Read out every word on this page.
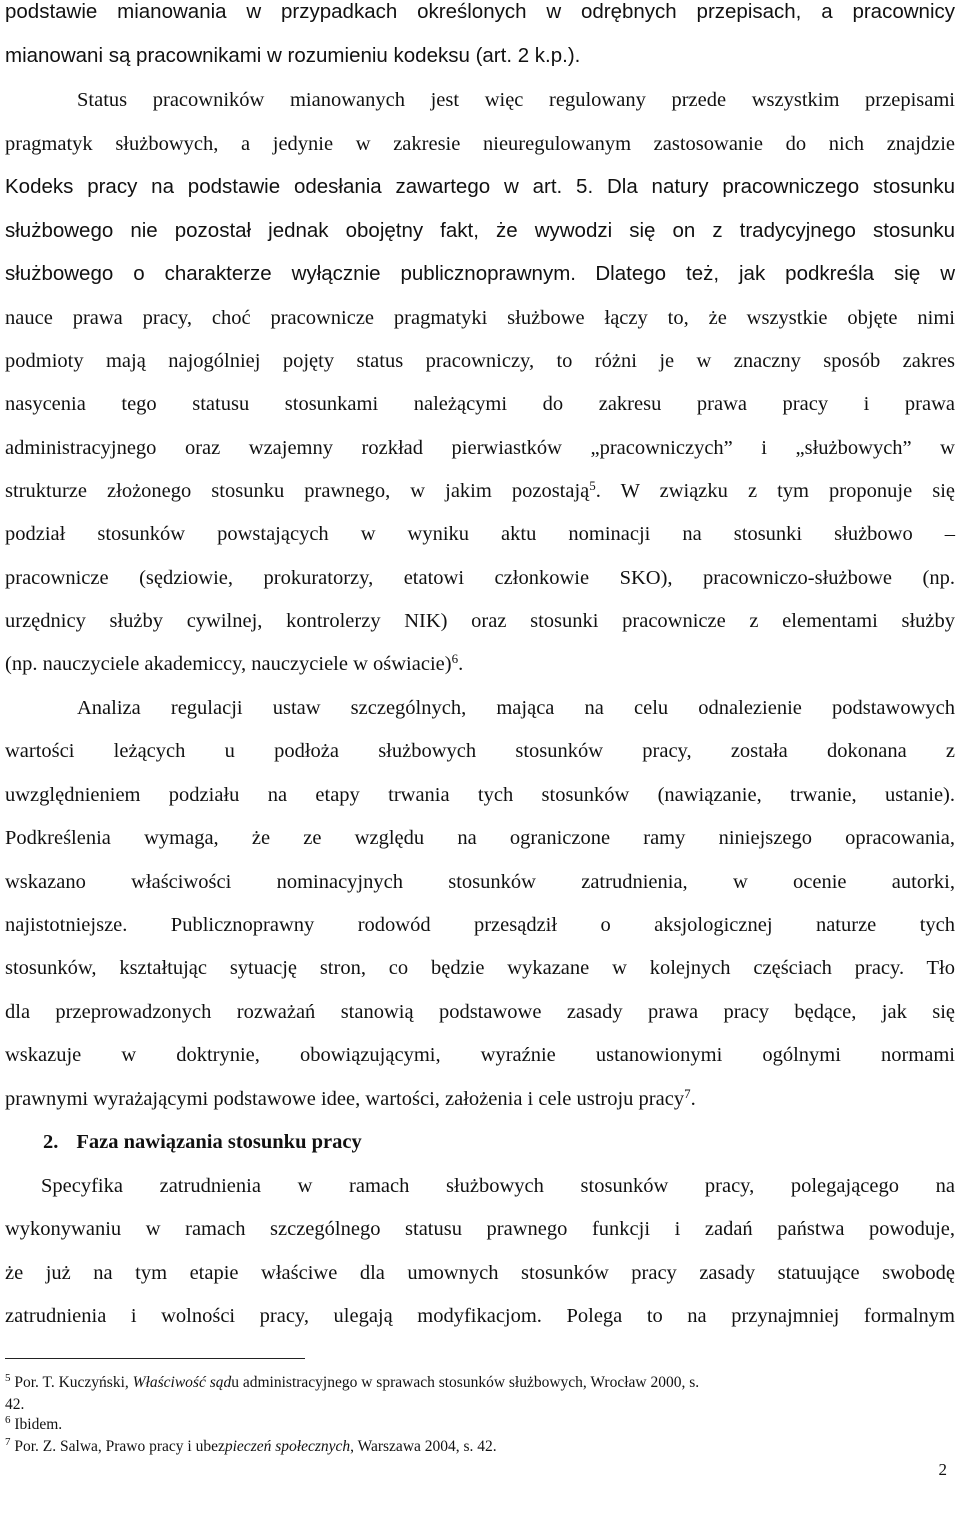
podstawie mianowania w przypadkach określonych w odrębnych przepisach, a pracownicy
mianowani są pracownikami w rozumieniu kodeksu (art. 2 k.p.).
Status pracowników mianowanych jest więc regulowany przede wszystkim przepisami
pragmatyk służbowych, a jedynie w zakresie nieuregulowanym zastosowanie do nich znajdzie
Kodeks pracy na podstawie odesłania zawartego w art. 5. Dla natury pracowniczego stosunku
służbowego nie pozostał jednak obojętny fakt, że wywodzi się on z tradycyjnego stosunku
służbowego o charakterze wyłącznie publicznoprawnym. Dlatego też, jak podkreśla się w
nauce prawa pracy, choć pracownicze pragmatyki służbowe łączy to, że wszystkie objęte nimi
podmioty mają najogólniej pojęty status pracowniczy, to różni je w znaczny sposób zakres
nasycenia tego statusu stosunkami należącymi do zakresu prawa pracy i prawa
administracyjnego oraz wzajemny rozkład pierwiastków „pracowniczych” i „służbowych” w
strukturze złożonego stosunku prawnego, w jakim pozostają$^5$. W związku z tym proponuje się
podział stosunków powstających w wyniku aktu nominacji na stosunki służbowo –
pracownicze (sędziowie, prokuratorzy, etatowi członkowie SKO), pracowniczo-służbowe (np.
urzędnicy służby cywilnej, kontrolerzy NIK) oraz stosunki pracownicze z elementami służby
(np. nauczyciele akademiccy, nauczyciele w oświacie)$^6$.
Analiza regulacji ustaw szczególnych, mająca na celu odnalezienie podstawowych
wartości leżących u podłoża służbowych stosunków pracy, została dokonana z
uwzględnieniem podziału na etapy trwania tych stosunków (nawiązanie, trwanie, ustanie).
Podkreślenia wymaga, że ze względu na ograniczone ramy niniejszego opracowania,
wskazano właściwości nominacyjnych stosunków zatrudnienia, w ocenie autorki,
najistotniejsze. Publicznoprawny rodowód przesądził o aksjologicznej naturze tych
stosunków, kształtując sytuację stron, co będzie wykazane w kolejnych częściach pracy. Tło
dla przeprowadzonych rozważań stanowią podstawowe zasady prawa pracy będące, jak się
wskazuje w doktrynie, obowiązującymi, wyraźnie ustanowionymi ogólnymi normami
prawnymi wyrażającymi podstawowe idee, wartości, założenia i cele ustroju pracy$^7$.
2. Faza nawiązania stosunku pracy
Specyfika zatrudnienia w ramach służbowych stosunków pracy, polegającego na
wykonywaniu w ramach szczególnego statusu prawnego funkcji i zadań państwa powoduje,
że już na tym etapie właściwe dla umownych stosunków pracy zasady statuujące swobodę
zatrudnienia i wolności pracy, ulegają modyfikacjom. Polega to na przynajmniej formalnym
$^5$ Por. T. Kuczyński, Właściwość sądu administracyjnego w sprawach stosunków służbowych, Wrocław 2000, s.
42.
$^6$ Ibidem.
$^7$ Por. Z. Salwa, Prawo pracy i ubezpieczeń społecznych, Warszawa 2004, s. 42.
2
